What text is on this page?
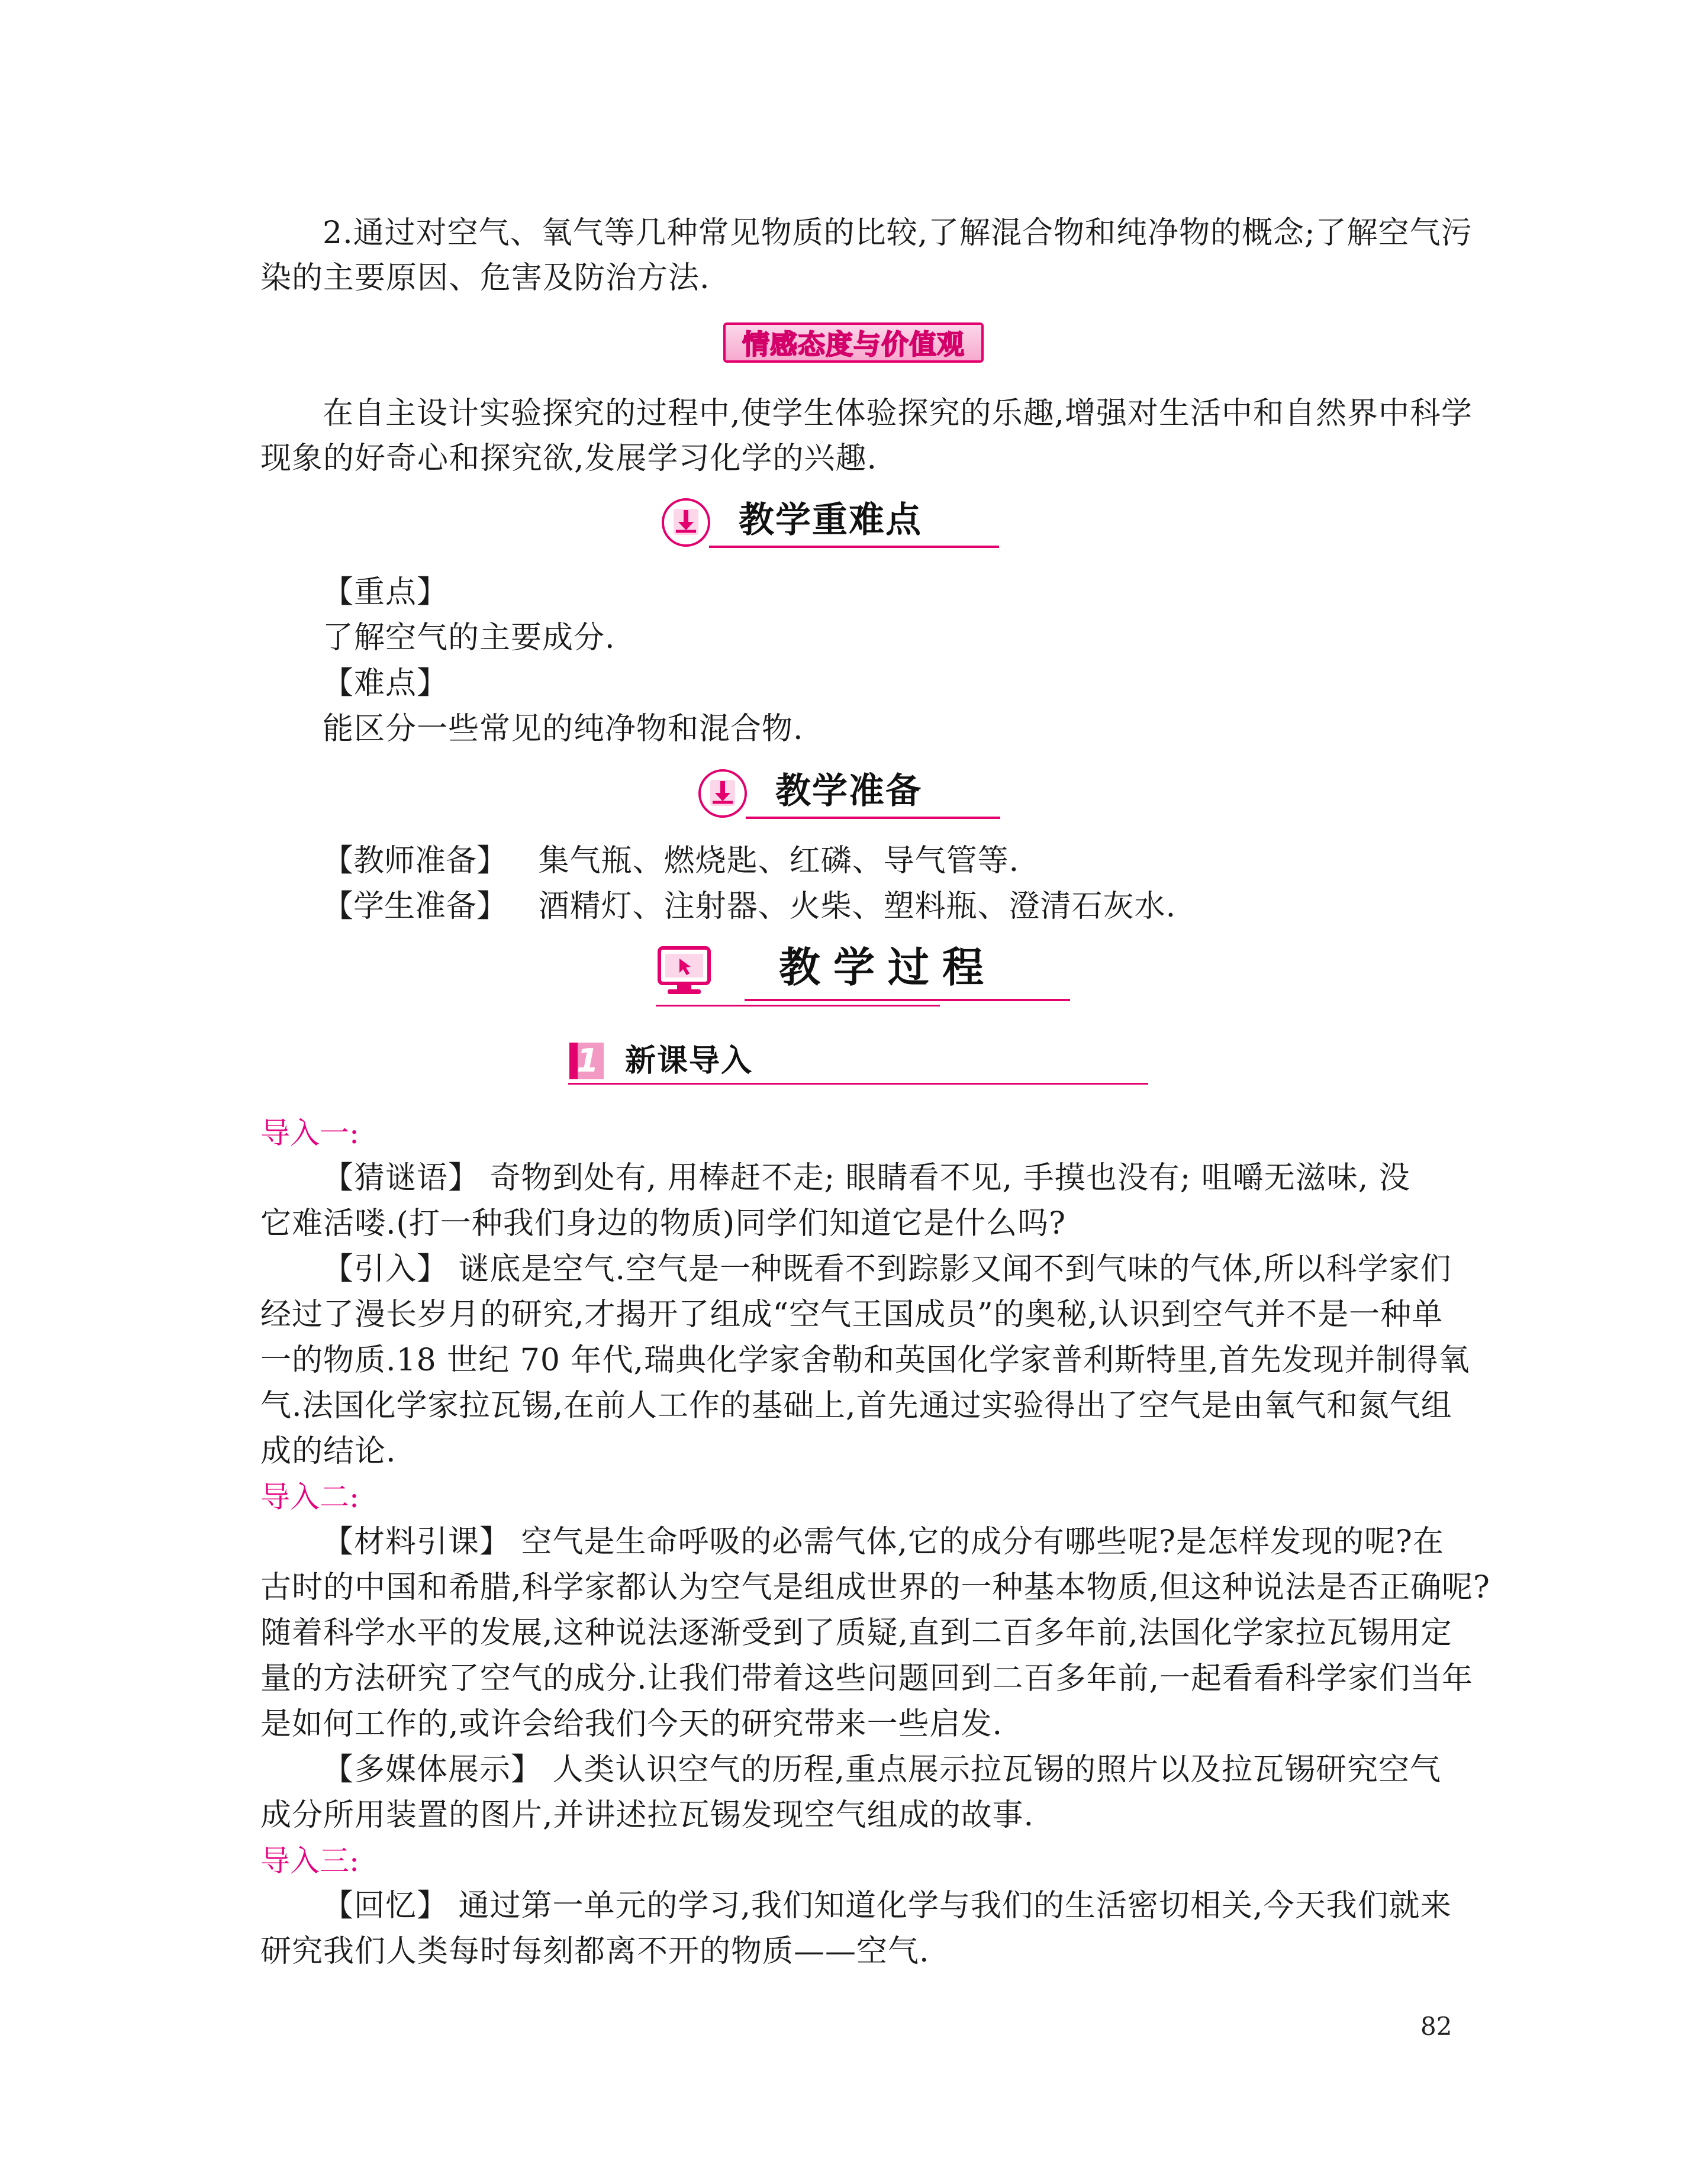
2.通过对空气、氧气等几种常见物质的比较,了解混合物和纯净物的概念;了解空气污

染的主要原因、危害及防治方法.

情感态度与价值观

在自主设计实验探究的过程中,使学生体验探究的乐趣,增强对生活中和自然界中科学

现象的好奇心和探究欲,发展学习化学的兴趣.

教学重难点

【重点】

了解空气的主要成分.

【难点】

能区分一些常见的纯净物和混合物.

教学准备

【教师准备】 集气瓶、燃烧匙、红磷、导气管等.

【学生准备】 酒精灯、注射器、火柴、塑料瓶、澄清石灰水.

教学过程
1 新课导入

导入一:

【猜谜语】 奇物到处有, 用棒赶不走; 眼睛看不见, 手摸也没有; 咀嚼无滋味, 没

它难活喽.(打一种我们身边的物质)同学们知道它是什么吗?

【引入】 谜底是空气.空气是一种既看不到踪影又闻不到气味的气体,所以科学家们

经过了漫长岁月的研究,才揭开了组成“空气王国成员”的奥秘,认识到空气并不是一种单

一的物质.18 世纪 70 年代,瑞典化学家舍勒和英国化学家普利斯特里,首先发现并制得氧

气.法国化学家拉瓦锡,在前人工作的基础上,首先通过实验得出了空气是由氧气和氮气组

成的结论.

导入二:

【材料引课】 空气是生命呼吸的必需气体,它的成分有哪些呢?是怎样发现的呢?在

古时的中国和希腊,科学家都认为空气是组成世界的一种基本物质,但这种说法是否正确呢?

随着科学水平的发展,这种说法逐渐受到了质疑,直到二百多年前,法国化学家拉瓦锡用定

量的方法研究了空气的成分.让我们带着这些问题回到二百多年前,一起看看科学家们当年

是如何工作的,或许会给我们今天的研究带来一些启发.

【多媒体展示】 人类认识空气的历程,重点展示拉瓦锡的照片以及拉瓦锡研究空气

成分所用装置的图片,并讲述拉瓦锡发现空气组成的故事.

导入三:

【回忆】 通过第一单元的学习,我们知道化学与我们的生活密切相关,今天我们就来

研究我们人类每时每刻都离不开的物质——空气.

82
